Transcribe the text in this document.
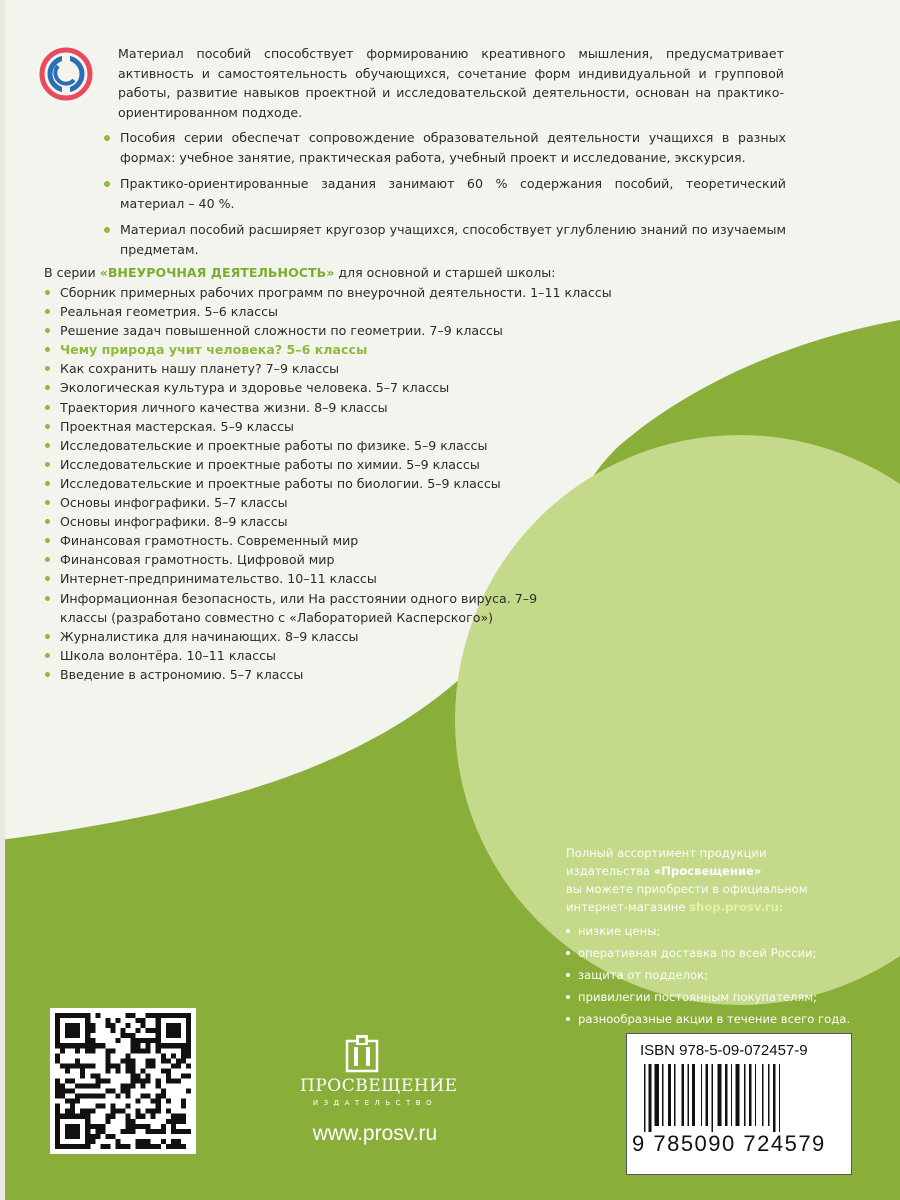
Материал пособий способствует формированию креативного мышления, предусматривает активность и самостоятельность обучающихся, сочетание форм индивидуальной и групповой работы, развитие навыков проектной и исследовательской деятельности, основан на практико-ориентированном подходе.

Пособия серии обеспечат сопровождение образовательной деятельности учащихся в разных формах: учебное занятие, практическая работа, учебный проект и исследование, экскурсия.
Практико-ориентированные задания занимают 60 % содержания пособий, теоретический материал – 40 %.
Материал пособий расширяет кругозор учащихся, способствует углублению знаний по изучаемым предметам.
В серии «ВНЕУРОЧНАЯ ДЕЯТЕЛЬНОСТЬ» для основной и старшей школы:
Сборник примерных рабочих программ по внеурочной деятельности. 1–11 классы
Реальная геометрия. 5–6 классы
Решение задач повышенной сложности по геометрии. 7–9 классы
Чему природа учит человека? 5–6 классы
Как сохранить нашу планету? 7–9 классы
Экологическая культура и здоровье человека. 5–7 классы
Траектория личного качества жизни. 8–9 классы
Проектная мастерская. 5–9 классы
Исследовательские и проектные работы по физике. 5–9 классы
Исследовательские и проектные работы по химии. 5–9 классы
Исследовательские и проектные работы по биологии. 5–9 классы
Основы инфографики. 5–7 классы
Основы инфографики. 8–9 классы
Финансовая грамотность. Современный мир
Финансовая грамотность. Цифровой мир
Интернет-предпринимательство. 10–11 классы
Информационная безопасность, или На расстоянии одного вируса. 7–9 классы (разработано совместно с «Лабораторией Касперского»)
Журналистика для начинающих. 8–9 классы
Школа волонтёра. 10–11 классы
Введение в астрономию. 5–7 классы

Полный ассортимент продукции

издательства «Просвещение»

вы можете приобрести в официальном

интернет-магазине shop.prosv.ru:

низкие цены;
оперативная доставка по всей России;
защита от подделок;
привилегии постоянным покупателям;
разнообразные акции в течение всего года.
ПРОСВЕЩЕНИЕ
ИЗДАТЕЛЬСТВО
www.prosv.ru
ISBN 978-5-09-072457-9
9 785090 724579
